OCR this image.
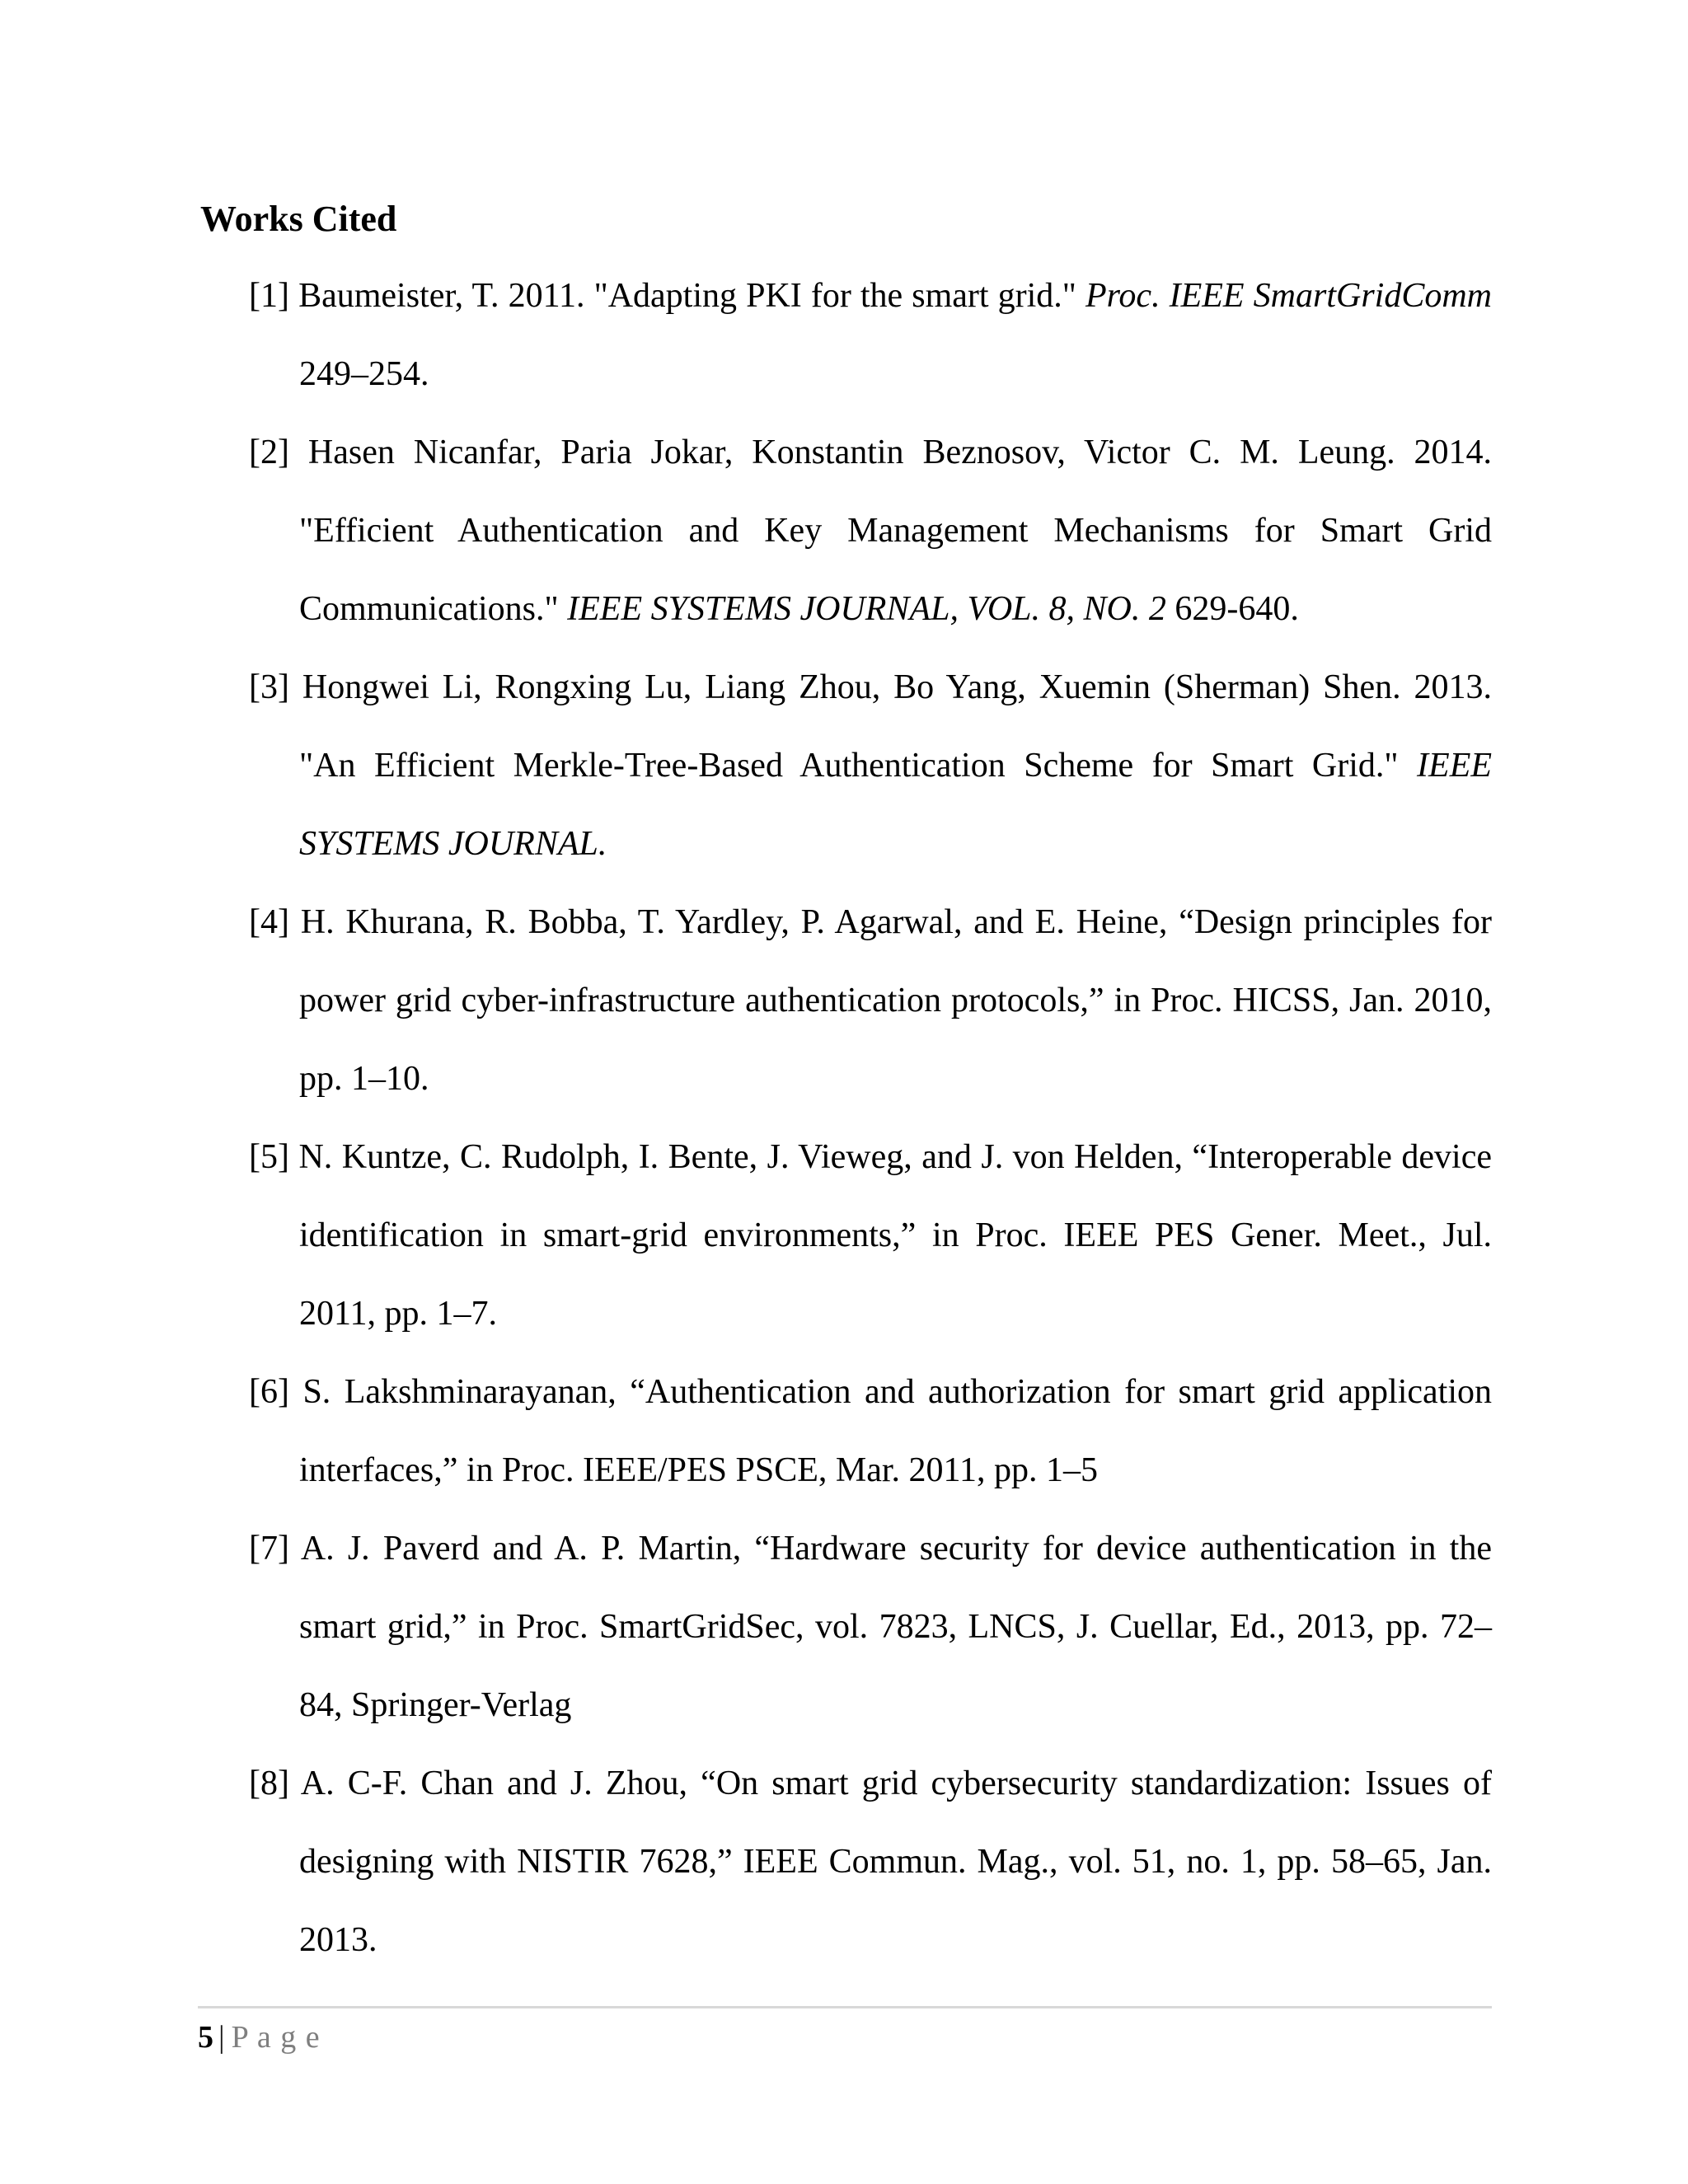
Works Cited

[1] Baumeister, T. 2011. "Adapting PKI for the smart grid." Proc. IEEE SmartGridComm 249–254.

[2] Hasen Nicanfar, Paria Jokar, Konstantin Beznosov, Victor C. M. Leung. 2014. "Efficient Authentication and Key Management Mechanisms for Smart Grid Communications." IEEE SYSTEMS JOURNAL, VOL. 8, NO. 2 629-640.

[3] Hongwei Li, Rongxing Lu, Liang Zhou, Bo Yang, Xuemin (Sherman) Shen. 2013. "An Efficient Merkle-Tree-Based Authentication Scheme for Smart Grid." IEEE SYSTEMS JOURNAL.

[4] H. Khurana, R. Bobba, T. Yardley, P. Agarwal, and E. Heine, “Design principles for power grid cyber-infrastructure authentication protocols,” in Proc. HICSS, Jan. 2010, pp. 1–10.

[5] N. Kuntze, C. Rudolph, I. Bente, J. Vieweg, and J. von Helden, “Interoperable device identification in smart-grid environments,” in Proc. IEEE PES Gener. Meet., Jul. 2011, pp. 1–7.

[6] S. Lakshminarayanan, “Authentication and authorization for smart grid application interfaces,” in Proc. IEEE/PES PSCE, Mar. 2011, pp. 1–5

[7] A. J. Paverd and A. P. Martin, “Hardware security for device authentication in the smart grid,” in Proc. SmartGridSec, vol. 7823, LNCS, J. Cuellar, Ed., 2013, pp. 72–84, Springer-Verlag

[8] A. C-F. Chan and J. Zhou, “On smart grid cybersecurity standardization: Issues of designing with NISTIR 7628,” IEEE Commun. Mag., vol. 51, no. 1, pp. 58–65, Jan. 2013.

5 | P a g e
